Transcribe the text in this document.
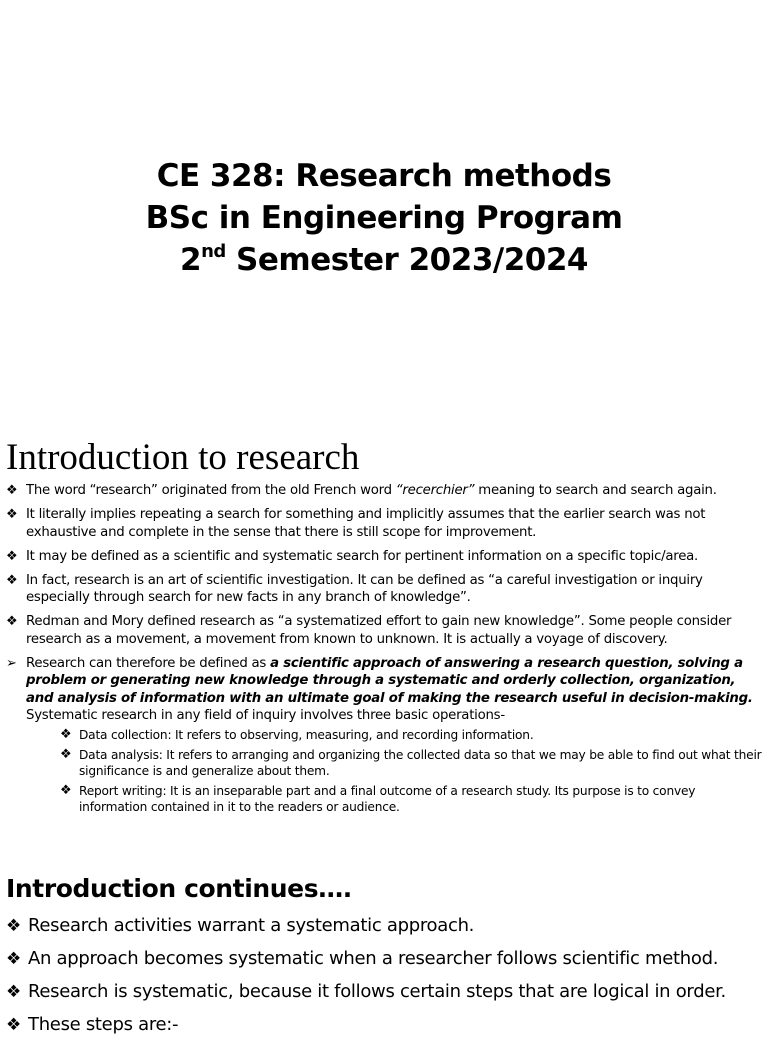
CE 328: Research methods
BSc in Engineering Program
2nd Semester 2023/2024
Introduction to research
❖ The word “research” originated from the old French word “recerchier” meaning to search and search again.
❖ It literally implies repeating a search for something and implicitly assumes that the earlier search was not exhaustive and complete in the sense that there is still scope for improvement.
❖ It may be defined as a scientific and systematic search for pertinent information on a specific topic/area.
❖ In fact, research is an art of scientific investigation. It can be defined as “a careful investigation or inquiry especially through search for new facts in any branch of knowledge”.
❖ Redman and Mory defined research as “a systematized effort to gain new knowledge”. Some people consider research as a movement, a movement from known to unknown. It is actually a voyage of discovery.
➢ Research can therefore be defined as a scientific approach of answering a research question, solving a problem or generating new knowledge through a systematic and orderly collection, organization, and analysis of information with an ultimate goal of making the research useful in decision-making. Systematic research in any field of inquiry involves three basic operations-
❖ Data collection: It refers to observing, measuring, and recording information.
❖ Data analysis: It refers to arranging and organizing the collected data so that we may be able to find out what their significance is and generalize about them.
❖ Report writing: It is an inseparable part and a final outcome of a research study. Its purpose is to convey information contained in it to the readers or audience.
Introduction continues….
❖ Research activities warrant a systematic approach.
❖ An approach becomes systematic when a researcher follows scientific method.
❖ Research is systematic, because it follows certain steps that are logical in order.
❖ These steps are:-
